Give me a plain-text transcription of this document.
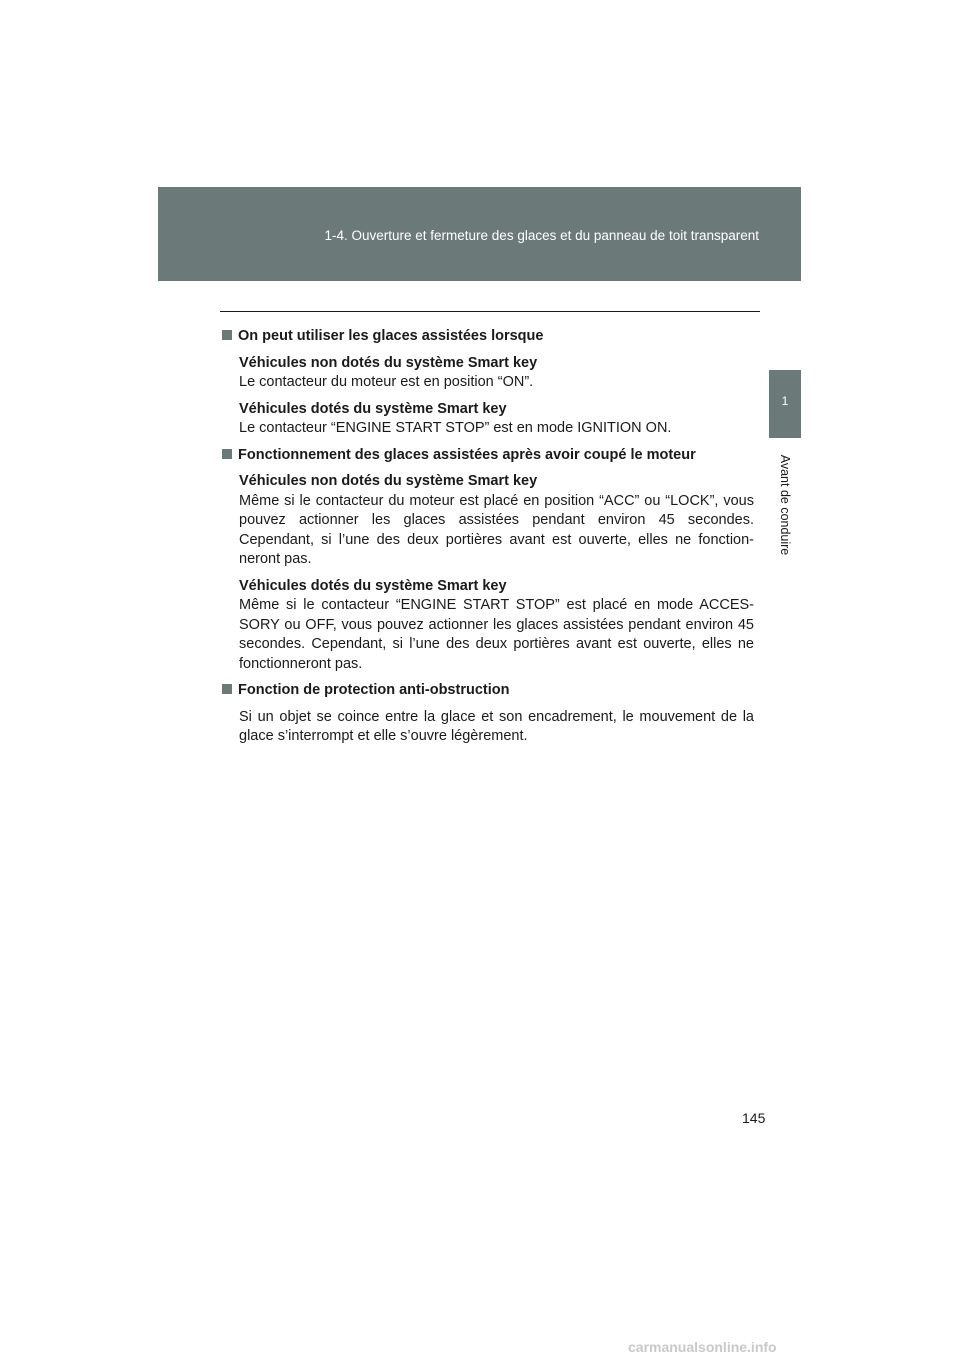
1-4. Ouverture et fermeture des glaces et du panneau de toit transparent
1
Avant de conduire
On peut utiliser les glaces assistées lorsque
Véhicules non dotés du système Smart key
Le contacteur du moteur est en position “ON”.
Véhicules dotés du système Smart key
Le contacteur “ENGINE START STOP” est en mode IGNITION ON.
Fonctionnement des glaces assistées après avoir coupé le moteur
Véhicules non dotés du système Smart key
Même si le contacteur du moteur est placé en position “ACC” ou “LOCK”, vous pouvez actionner les glaces assistées pendant environ 45 secondes. Cependant, si l’une des deux portières avant est ouverte, elles ne fonction-neront pas.
Véhicules dotés du système Smart key
Même si le contacteur “ENGINE START STOP” est placé en mode ACCES-SORY ou OFF, vous pouvez actionner les glaces assistées pendant environ 45 secondes. Cependant, si l’une des deux portières avant est ouverte, elles ne fonctionneront pas.
Fonction de protection anti-obstruction
Si un objet se coince entre la glace et son encadrement, le mouvement de la glace s’interrompt et elle s’ouvre légèrement.
145
carmanualsonline.info
